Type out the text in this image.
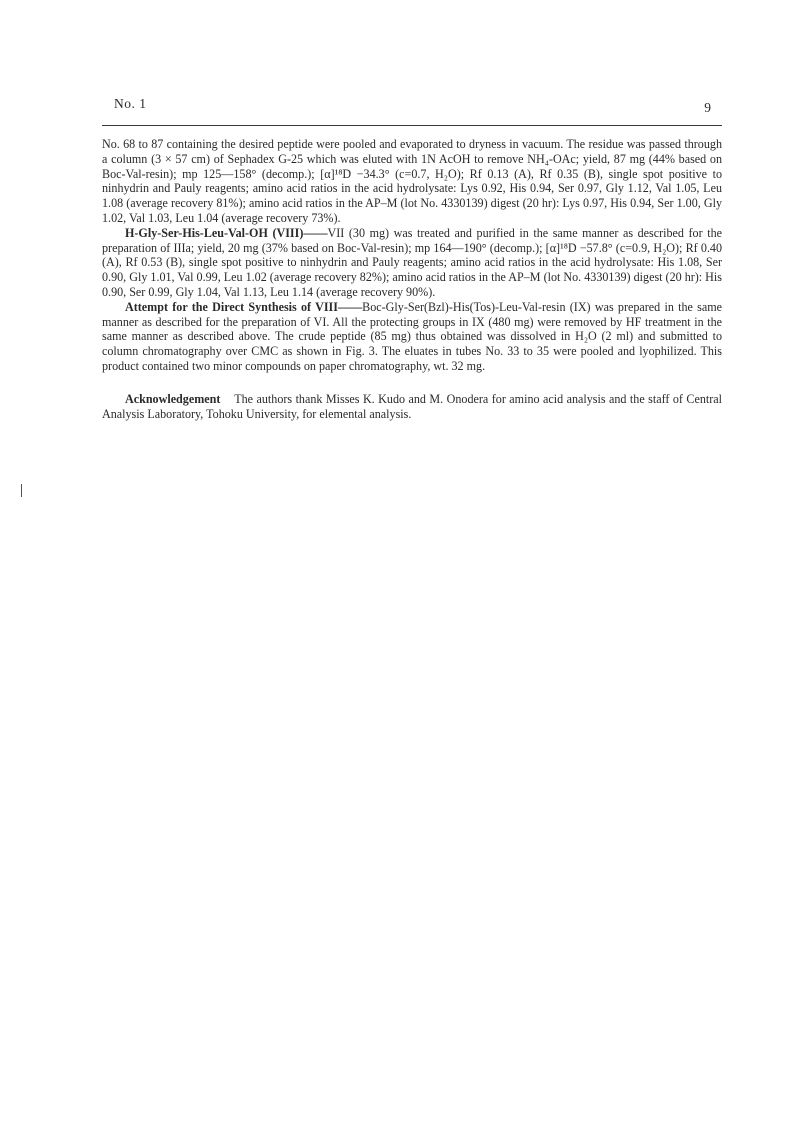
No. 1	9

No. 68 to 87 containing the desired peptide were pooled and evaporated to dryness in vacuum. The residue was passed through a column (3 × 57 cm) of Sephadex G-25 which was eluted with 1N AcOH to remove NH₄-OAc; yield, 87 mg (44% based on Boc-Val-resin); mp 125—158° (decomp.); [α]¹⁸D −34.3° (c=0.7, H₂O); Rf 0.13 (A), Rf 0.35 (B), single spot positive to ninhydrin and Pauly reagents; amino acid ratios in the acid hydrolysate: Lys 0.92, His 0.94, Ser 0.97, Gly 1.12, Val 1.05, Leu 1.08 (average recovery 81%); amino acid ratios in the AP–M (lot No. 4330139) digest (20 hr): Lys 0.97, His 0.94, Ser 1.00, Gly 1.02, Val 1.03, Leu 1.04 (average recovery 73%).

H-Gly-Ser-His-Leu-Val-OH (VIII)——VII (30 mg) was treated and purified in the same manner as described for the preparation of IIIa; yield, 20 mg (37% based on Boc-Val-resin); mp 164—190° (decomp.); [α]¹⁸D −57.8° (c=0.9, H₂O); Rf 0.40 (A), Rf 0.53 (B), single spot positive to ninhydrin and Pauly reagents; amino acid ratios in the acid hydrolysate: His 1.08, Ser 0.90, Gly 1.01, Val 0.99, Leu 1.02 (average recovery 82%); amino acid ratios in the AP–M (lot No. 4330139) digest (20 hr): His 0.90, Ser 0.99, Gly 1.04, Val 1.13, Leu 1.14 (average recovery 90%).

Attempt for the Direct Synthesis of VIII——Boc-Gly-Ser(Bzl)-His(Tos)-Leu-Val-resin (IX) was prepared in the same manner as described for the preparation of VI. All the protecting groups in IX (480 mg) were removed by HF treatment in the same manner as described above. The crude peptide (85 mg) thus obtained was dissolved in H₂O (2 ml) and submitted to column chromatography over CMC as shown in Fig. 3. The eluates in tubes No. 33 to 35 were pooled and lyophilized. This product contained two minor compounds on paper chromatography, wt. 32 mg.

Acknowledgement The authors thank Misses K. Kudo and M. Onodera for amino acid analysis and the staff of Central Analysis Laboratory, Tohoku University, for elemental analysis.
